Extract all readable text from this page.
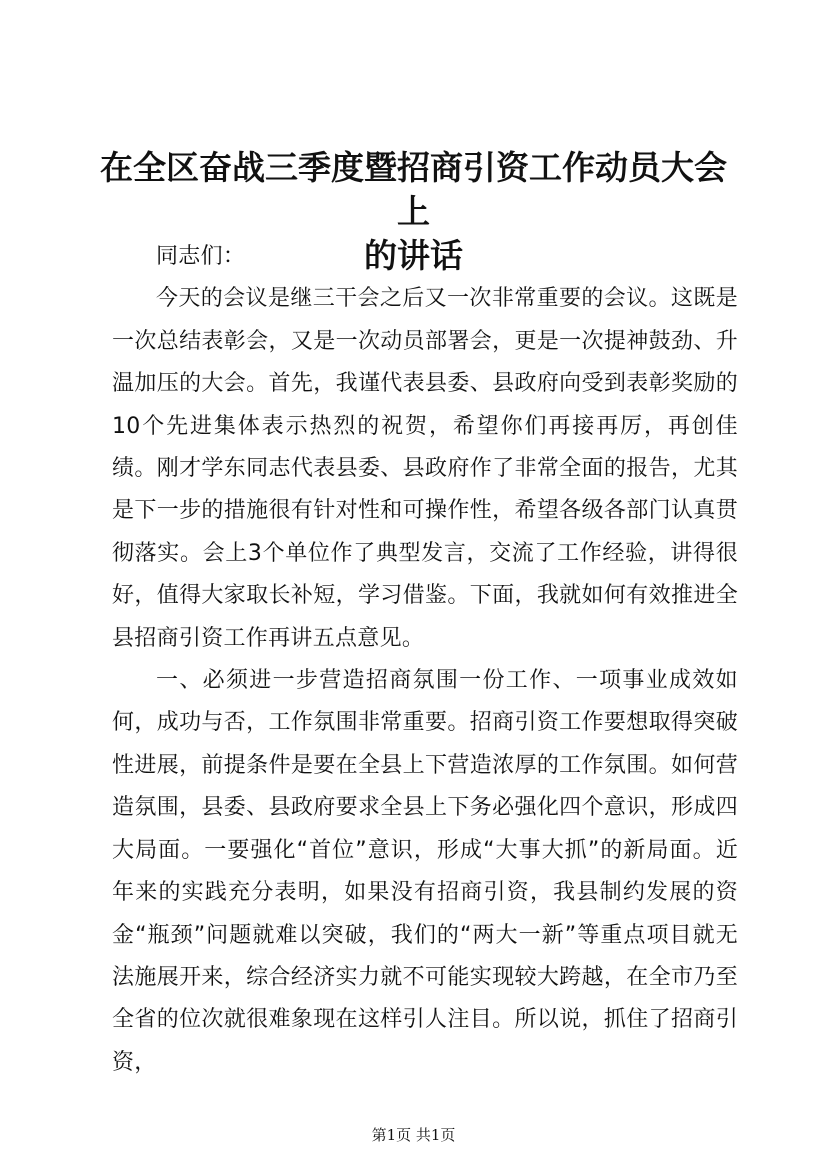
在全区奋战三季度暨招商引资工作动员大会上
的讲话

同志们：

今天的会议是继三干会之后又一次非常重要的会议。这既是一次总结表彰会，又是一次动员部署会，更是一次提神鼓劲、升温加压的大会。首先，我谨代表县委、县政府向受到表彰奖励的10个先进集体表示热烈的祝贺，希望你们再接再厉，再创佳绩。刚才学东同志代表县委、县政府作了非常全面的报告，尤其是下一步的措施很有针对性和可操作性，希望各级各部门认真贯彻落实。会上3个单位作了典型发言，交流了工作经验，讲得很好，值得大家取长补短，学习借鉴。下面，我就如何有效推进全县招商引资工作再讲五点意见。

一、必须进一步营造招商氛围一份工作、一项事业成效如何，成功与否，工作氛围非常重要。招商引资工作要想取得突破性进展，前提条件是要在全县上下营造浓厚的工作氛围。如何营造氛围，县委、县政府要求全县上下务必强化四个意识，形成四大局面。一要强化“首位”意识，形成“大事大抓”的新局面。近年来的实践充分表明，如果没有招商引资，我县制约发展的资金“瓶颈”问题就难以突破，我们的“两大一新”等重点项目就无法施展开来，综合经济实力就不可能实现较大跨越，在全市乃至全省的位次就很难象现在这样引人注目。所以说，抓住了招商引资，

第1页 共1页
